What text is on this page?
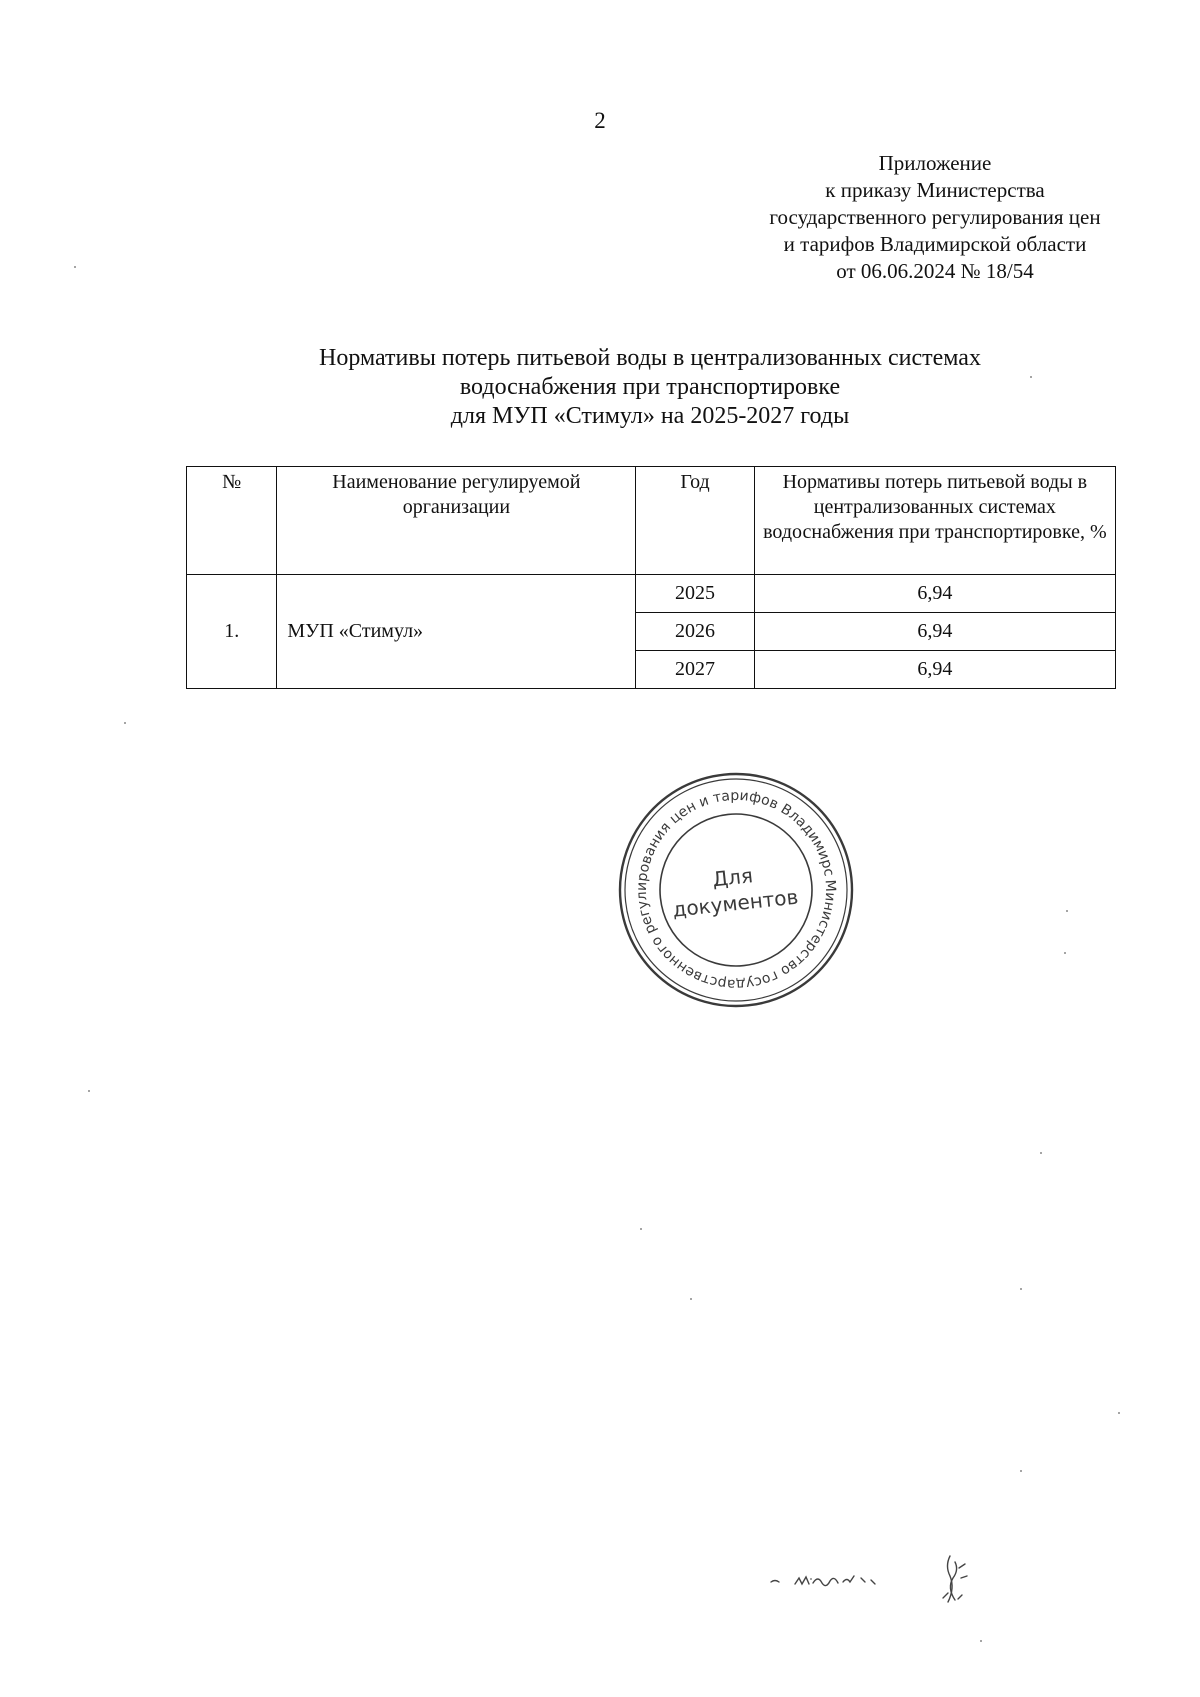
2
Приложение
к приказу Министерства
государственного регулирования цен
и тарифов Владимирской области
от 06.06.2024 № 18/54
Нормативы потерь питьевой воды в централизованных системах
водоснабжения при транспортировке
для МУП «Стимул» на 2025-2027 годы
№	Наименование регулируемой организации	Год	Нормативы потерь питьевой воды в централизованных системах водоснабжения при транспортировке, %
1.	МУП «Стимул»	2025	6,94
		2026	6,94
		2027	6,94
Министерство государственного регулирования цен и тарифов Владимирской
Для
документов
